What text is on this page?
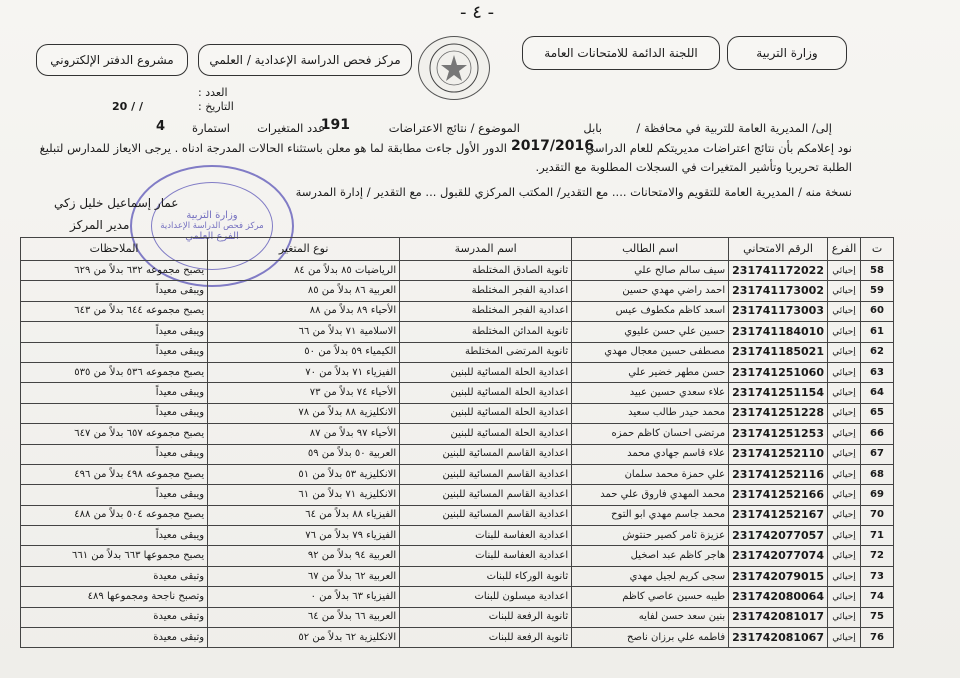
- ٤ -
وزارة التربية
اللجنة الدائمة للامتحانات العامة
مركز فحص الدراسة الإعدادية / العلمي
مشروع الدفتر الإلكتروني
العدد :
التاريخ :
/ / 20
إلى/ المديرية العامة للتربية في محافظة /
بابل
الموضوع / نتائج الاعتراضات
عدد المتغيرات
191
استمارة
4
نود إعلامكم بأن نتائج اعتراضات مديريتكم للعام الدراسي
2017/2016
الدور الأول جاءت مطابقة لما هو معلن باستثناء الحالات المدرجة ادناه . يرجى الايعاز للمدارس لتبليغ
الطلبة تحريريا وتأشير المتغيرات في السجلات المطلوبة مع التقدير.
نسخة منه / المديرية العامة للتقويم والامتحانات .... مع التقدير/ المكتب المركزي للقبول ... مع التقدير / إدارة المدرسة
وزارة التربية
مركز فحص الدراسة الإعدادية
الفرع العلمي
عمار إسماعيل خليل زكي
مدير المركز
ت	الفرع	الرقم الامتحاني	اسم الطالب	اسم المدرسة	نوع المتغير	الملاحظات
58	إحيائي	231741172022	سيف سالم صالح علي	ثانوية الصادق المختلطة	الرياضيات ٨٥ بدلاً من ٨٤	يصبح مجموعه ٦٣٢ بدلاً من ٦٢٩
59	إحيائي	231741173002	احمد راضي مهدي حسين	اعدادية الفجر المختلطة	العربية ٨٦ بدلاً من ٨٥	ويبقى معيداً
60	إحيائي	231741173003	اسعد كاظم مكطوف عيس	اعدادية الفجر المختلطة	الأحياء ٨٩ بدلاً من ٨٨	يصبح مجموعه ٦٤٤ بدلاً من ٦٤٣
61	إحيائي	231741184010	حسين علي حسن عليوي	ثانوية المدائن المختلطة	الاسلامية ٧١ بدلاً من ٦٦	ويبقى معيداً
62	إحيائي	231741185021	مصطفى حسين معجال مهدي	ثانوية المرتضى المختلطة	الكيمياء ٥٩ بدلاً من ٥٠	ويبقى معيداً
63	إحيائي	231741251060	حسن مطهر خضير علي	اعدادية الحلة المسائية للبنين	الفيزياء ٧١ بدلاً من ٧٠	يصبح مجموعه ٥٣٦ بدلاً من ٥٣٥
64	إحيائي	231741251154	علاء سعدي حسين عبيد	اعدادية الحلة المسائية للبنين	الأحياء ٧٤ بدلاً من ٧٣	ويبقى معيداً
65	إحيائي	231741251228	محمد حيدر طالب سعيد	اعدادية الحلة المسائية للبنين	الانكليزية ٨٨ بدلاً من ٧٨	ويبقى معيداً
66	إحيائي	231741251253	مرتضى احسان كاظم حمزه	اعدادية الحلة المسائية للبنين	الأحياء ٩٧ بدلاً من ٨٧	يصبح مجموعه ٦٥٧ بدلاً من ٦٤٧
67	إحيائي	231741252110	علاء قاسم جهادي محمد	اعدادية القاسم المسائية للبنين	العربية ٥٠ بدلاً من ٥٩	ويبقى معيداً
68	إحيائي	231741252116	علي حمزة محمد سلمان	اعدادية القاسم المسائية للبنين	الانكليزية ٥٣ بدلاً من ٥١	يصبح مجموعه ٤٩٨ بدلاً من ٤٩٦
69	إحيائي	231741252166	محمد المهدي فاروق علي حمد	اعدادية القاسم المسائية للبنين	الانكليزية ٧١ بدلاً من ٦١	ويبقى معيداً
70	إحيائي	231741252167	محمد جاسم مهدي ابو التوح	اعدادية القاسم المسائية للبنين	الفيزياء ٨٨ بدلاً من ٦٤	يصبح مجموعه ٥٠٤ بدلاً من ٤٨٨
71	إحيائي	231742077057	عزيزة ثامر كصير حنتوش	اعدادية العفاسة للبنات	الفيزياء ٧٩ بدلاً من ٧٦	ويبقى معيداً
72	إحيائي	231742077074	هاجر كاظم عبد اصخيل	اعدادية العفاسة للبنات	العربية ٩٤ بدلاً من ٩٢	يصبح مجموعها ٦٦٣ بدلاً من ٦٦١
73	إحيائي	231742079015	سجى كريم لجيل مهدي	ثانوية الوركاء للبنات	العربية ٦٢ بدلاً من ٦٧	وتبقى معيدة
74	إحيائي	231742080064	طيبه حسين عاصي كاظم	اعدادية ميسلون للبنات	الفيزياء ٦٣ بدلاً من ٠	وتصبح ناجحة ومجموعها ٤٨٩
75	إحيائي	231742081017	بنين سعد حسن لفايه	ثانوية الرفعة للبنات	العربية ٦٦ بدلاً من ٦٤	وتبقى معيدة
76	إحيائي	231742081067	فاطمه علي برزان ناصح	ثانوية الرفعة للبنات	الانكليزية ٦٢ بدلاً من ٥٢	وتبقى معيدة
